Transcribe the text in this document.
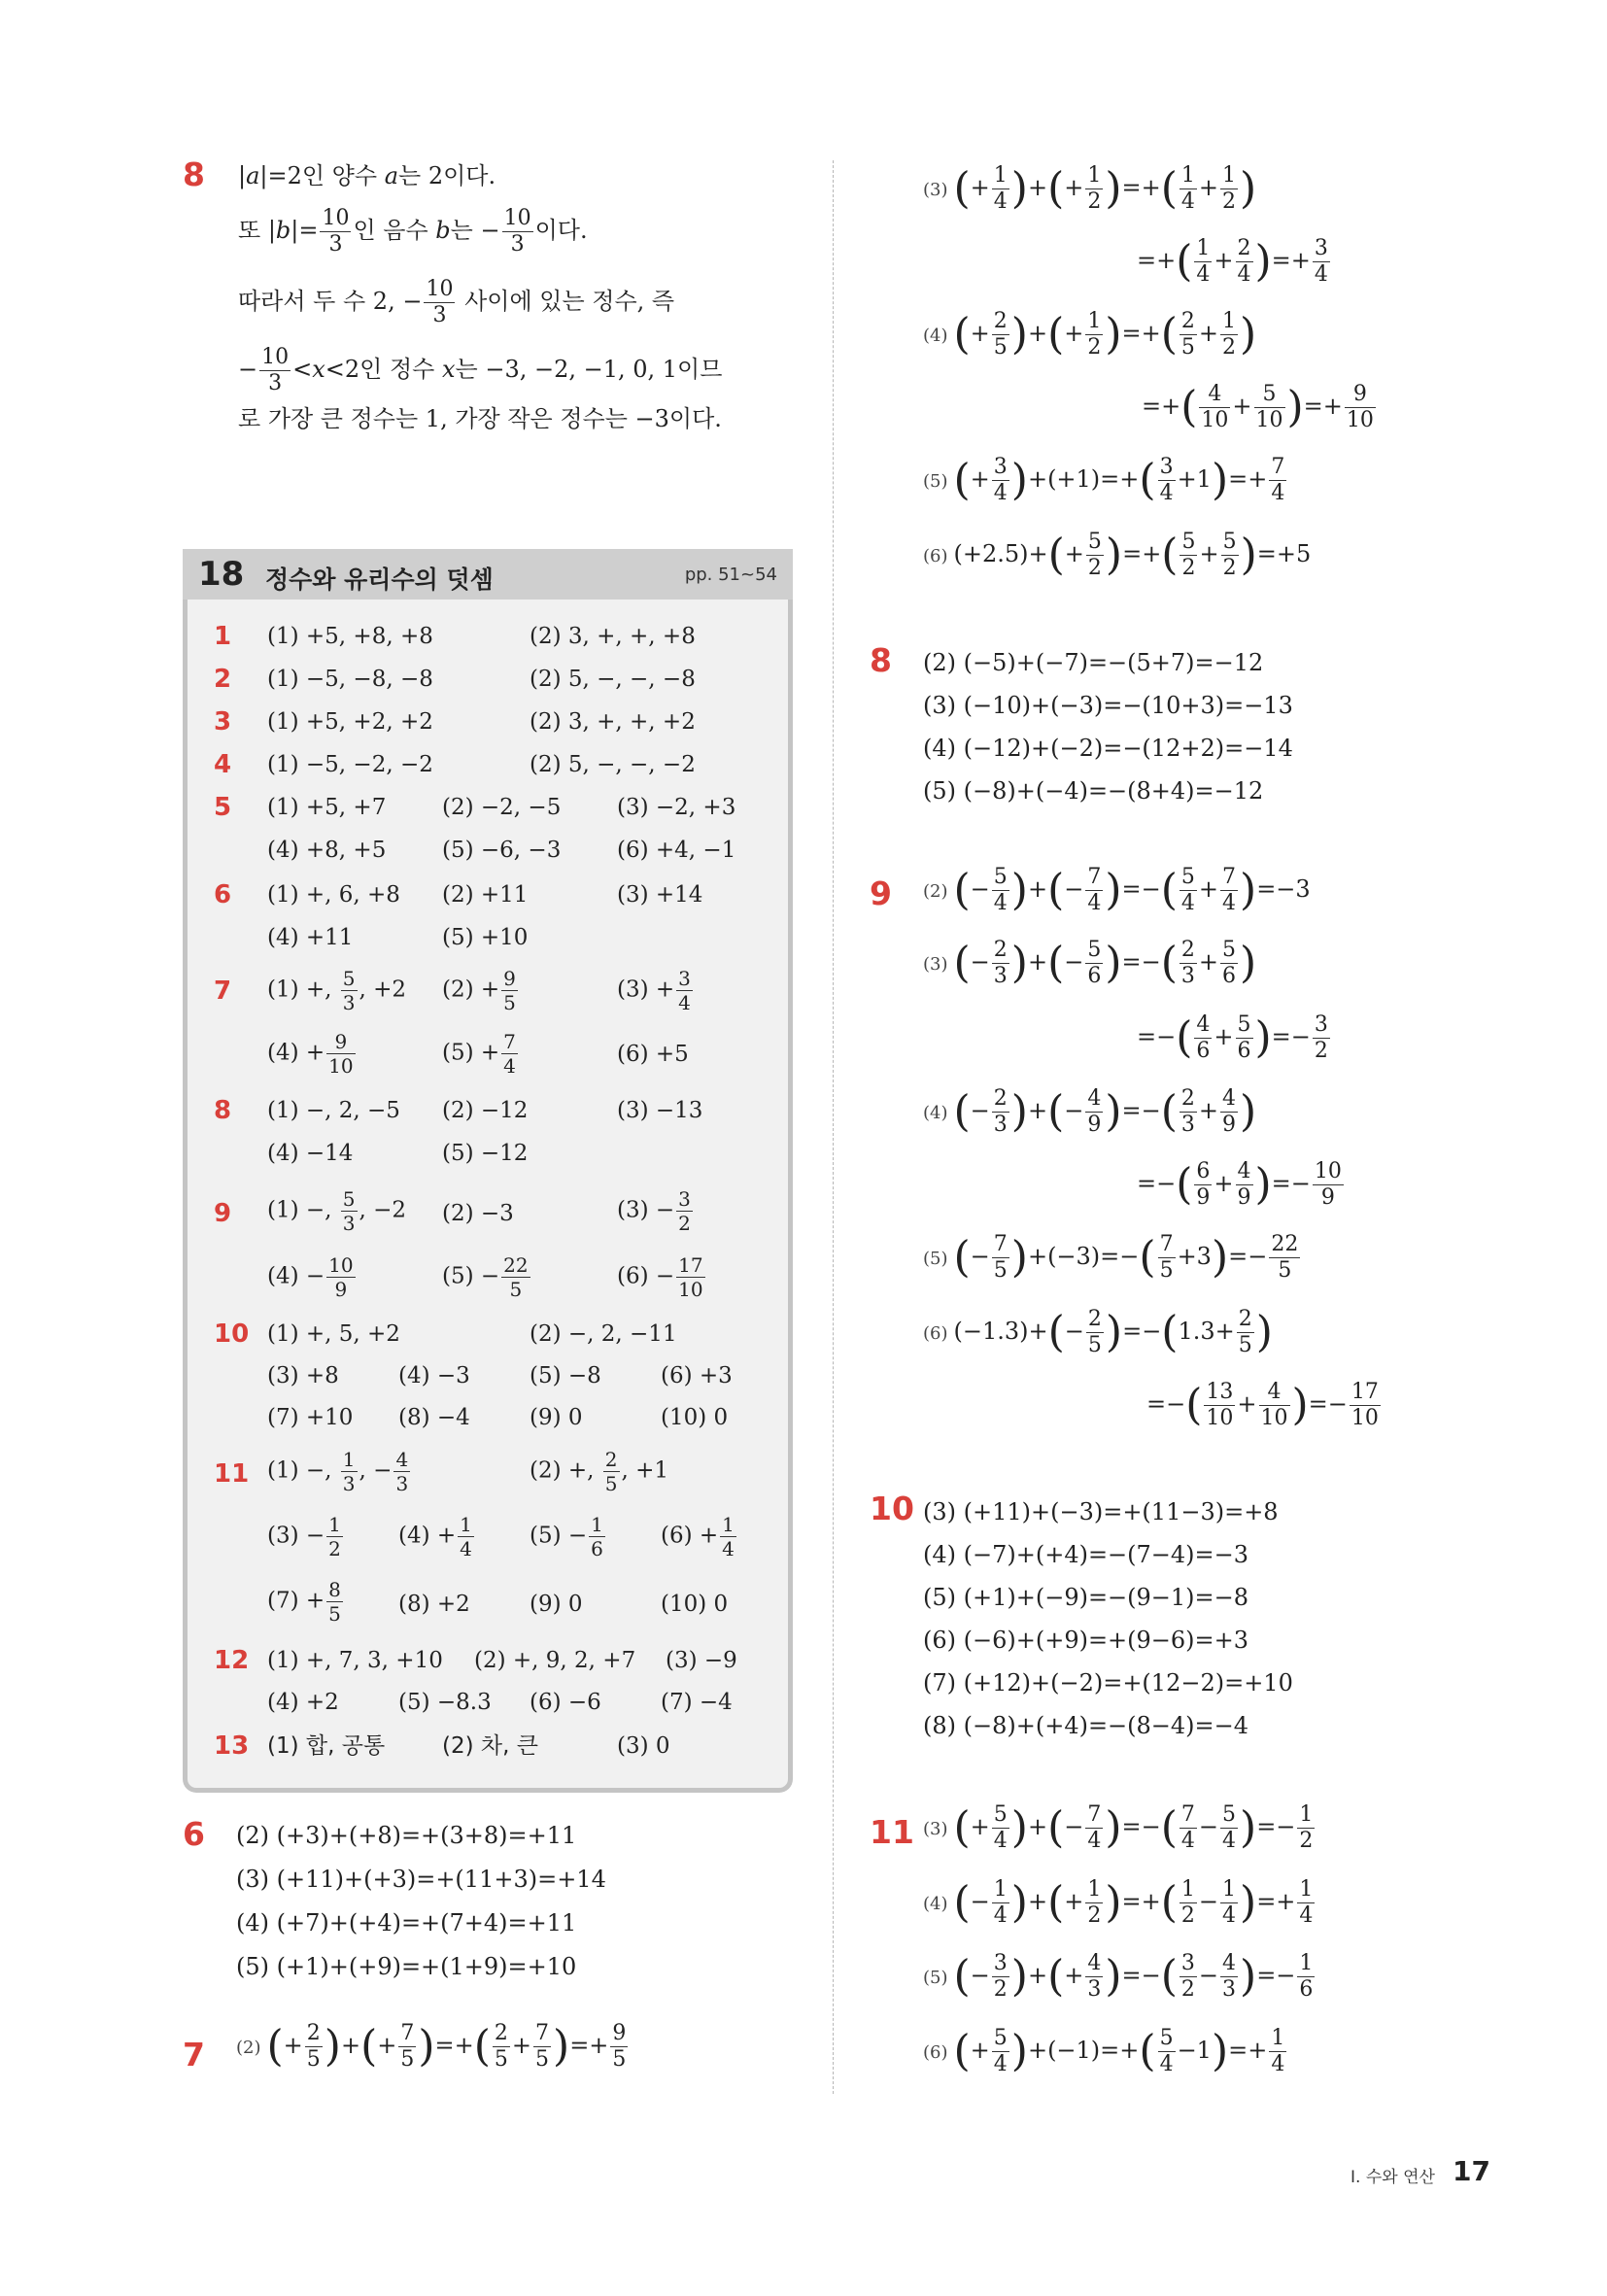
8 |a|=2인 양수 a는 2이다.
또 $|b|= \frac{10}{3}$ 인 음수 b는 − $\frac{10}{3}$ 이다.
따라서 두 수 2, − $\frac{10}{3}$ 사이에 있는 정수, 즉
− $\frac{10}{3} <x<2$인 정수 x는 −3, −2, −1, 0, 1이므
로 가장 큰 정수는 1, 가장 작은 정수는 −3이다.
18 정수와 유리수의 덧셈	pp. 51~54
1 (1) +5, +8, +8	(2) 3, +, +, +8
2 (1) −5, −8, −8	(2) 5, −, −, −8
3 (1) +5, +2, +2	(2) 3, +, +, +2
4 (1) −5, −2, −2	(2) 5, −, −, −2
5 (1) +5, +7	(2) −2, −5	(3) −2, +3
(4) +8, +5	(5) −6, −3	(6) +4, −1
6 (1) +, 6, +8 (2) +11	(3) +14
(4) +11	(5) +10
7 (1) +, $\frac{5}{3}$ , +2 $(2) + \frac{9}{5}$	$(3) + \frac{3}{4}$
$(4) + \frac{9}{10}$	$(5) + \frac{7}{4}$	(6) +5
8 (1) −, 2, −5 (2) −12	(3) −13
(4) −14	(5) −12
9 (1) −, $\frac{5}{3}$ , −2 (2) −3	$(3) - \frac{3}{2}$
$(4) - \frac{10}{9}$	$(5) - \frac{22}{5}$	$(6) - \frac{17}{10}$
10 (1) +, 5, +2	(2) −, 2, −11
(3) +8	(4) −3	(5) −8	(6) +3
(7) +10 (8) −4	(9) 0	(10) 0
11 (1) −, $\frac{1}{3}$ , − $\frac{4}{3}$	(2) +, $\frac{2}{5}$ , +1
$(3) - \frac{1}{2} (4) + \frac{1}{4} (5) - \frac{1}{6} (6) + \frac{1}{4}$
$(7) + \frac{8}{5} (8) +2$	(9) 0	(10) 0
12 (1) +, 7, 3, +10 (2) +, 9, 2, +7 (3) −9
(4) +2	(5) −8.3 (6) −6	(7) −4
13 (1) 합, 공통	(2) 차, 큰	(3) 0
6 (2) (+3)+(+8)=+(3+8)=+11
(3) (+11)+(+3)=+(11+3)=+14
(4) (+7)+(+4)=+(7+4)=+11
(5) (+1)+(+9)=+(1+9)=+10
7 (2) (+ $\frac{2}{5}$ )+(+ $\frac{7}{5}$ )=+( $\frac{2}{5} + \frac{7}{5}$ )=+ $\frac{9}{5}$
(3) (+ $\frac{1}{4}$ )+(+ $\frac{1}{2}$ )=+( $\frac{1}{4} + \frac{1}{2}$ )
=+( $\frac{1}{4} + \frac{2}{4}$ )=+ $\frac{3}{4}$
(4) (+ $\frac{2}{5}$ )+(+ $\frac{1}{2}$ )=+( $\frac{2}{5} + \frac{1}{2}$ )
=+( $\frac{4}{10} + \frac{5}{10}$ )=+ $\frac{9}{10}$
(5) (+ $\frac{3}{4} )+(+1)=+( \frac{3}{4} +1)=+ \frac{7}{4}$
(6) $(+2.5)+(+ \frac{5}{2}$ )=+( $\frac{5}{2} + \frac{5}{2} )=+5$
8 (2) (−5)+(−7)=−(5+7)=−12
(3) (−10)+(−3)=−(10+3)=−13
(4) (−12)+(−2)=−(12+2)=−14
(5) (−8)+(−4)=−(8+4)=−12
9 (2) (− $\frac{5}{4}$ )+(− $\frac{7}{4}$ )=−( $\frac{5}{4} + \frac{7}{4} )=-3$
(3) (− $\frac{2}{3}$ )+(− $\frac{5}{6}$ )=−( $\frac{2}{3} + \frac{5}{6}$ )
=−( $\frac{4}{6} + \frac{5}{6}$ )=− $\frac{3}{2}$
(4) (− $\frac{2}{3}$ )+(− $\frac{4}{9}$ )=−( $\frac{2}{3} + \frac{4}{9}$ )
=−( $\frac{6}{9} + \frac{4}{9}$ )=− $\frac{10}{9}$
(5) (− $\frac{7}{5} )+(-3)=-( \frac{7}{5} +3)=- \frac{22}{5}$
(6) $(-1.3)+(- \frac{2}{5} )=-(1.3+ \frac{2}{5}$ )
=−( $\frac{13}{10} + \frac{4}{10}$ )=− $\frac{17}{10}$
10 (3) (+11)+(−3)=+(11−3)=+8
(4) (−7)+(+4)=−(7−4)=−3
(5) (+1)+(−9)=−(9−1)=−8
(6) (−6)+(+9)=+(9−6)=+3
(7) (+12)+(−2)=+(12−2)=+10
(8) (−8)+(+4)=−(8−4)=−4
11 (3) (+ $\frac{5}{4}$ )+(− $\frac{7}{4}$ )=−( $\frac{7}{4} - \frac{5}{4}$ )=− $\frac{1}{2}$
(4) (− $\frac{1}{4}$ )+(+ $\frac{1}{2}$ )=+( $\frac{1}{2} - \frac{1}{4}$ )=+ $\frac{1}{4}$
(5) (− $\frac{3}{2}$ )+(+ $\frac{4}{3}$ )=−( $\frac{3}{2} - \frac{4}{3}$ )=− $\frac{1}{6}$
(6) (+ $\frac{5}{4} )+(-1)=+( \frac{5}{4} -1)=+ \frac{1}{4}$
I. 수와 연산 17
